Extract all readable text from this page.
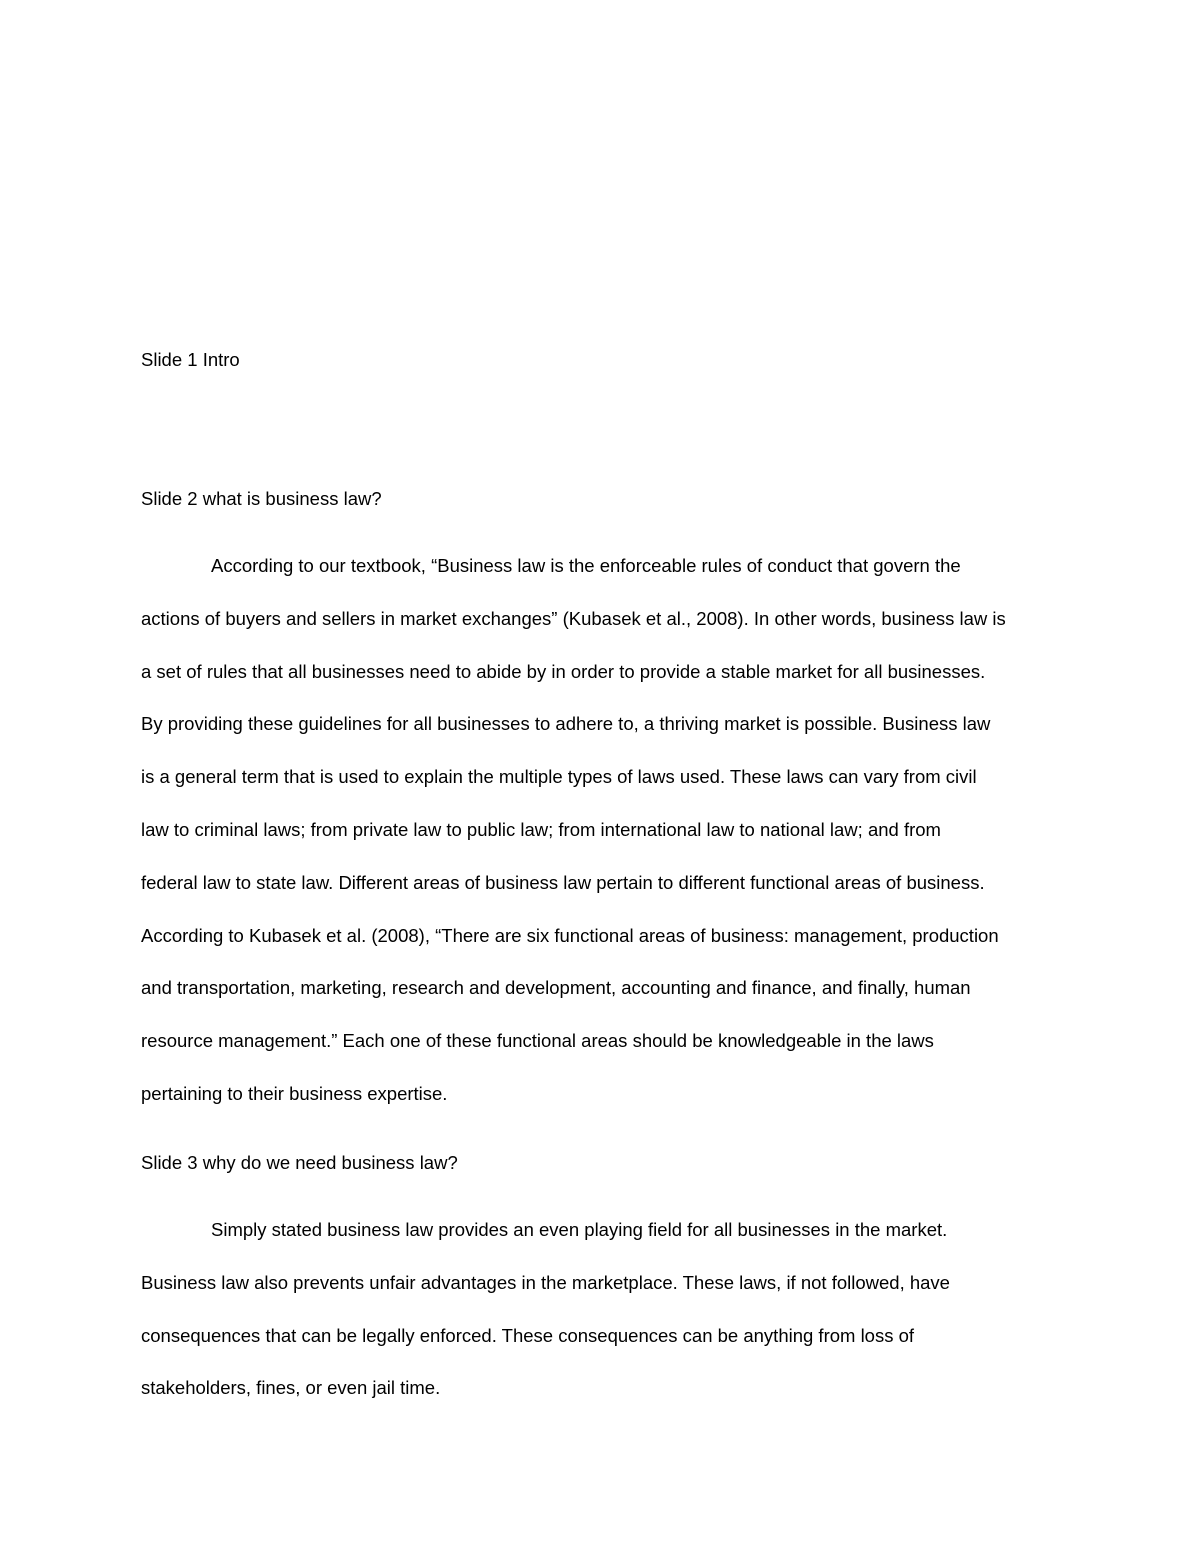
Slide 1 Intro
Slide 2 what is business law?
According to our textbook, “Business law is the enforceable rules of conduct that govern the
actions of buyers and sellers in market exchanges” (Kubasek et al., 2008). In other words, business law is
a set of rules that all businesses need to abide by in order to provide a stable market for all businesses.
By providing these guidelines for all businesses to adhere to, a thriving market is possible. Business law
is a general term that is used to explain the multiple types of laws used. These laws can vary from civil
law to criminal laws; from private law to public law; from international law to national law; and from
federal law to state law. Different areas of business law pertain to different functional areas of business.
According to Kubasek et al. (2008), “There are six functional areas of business: management, production
and transportation, marketing, research and development, accounting and finance, and finally, human
resource management.” Each one of these functional areas should be knowledgeable in the laws
pertaining to their business expertise.
Slide 3 why do we need business law?
Simply stated business law provides an even playing field for all businesses in the market.
Business law also prevents unfair advantages in the marketplace. These laws, if not followed, have
consequences that can be legally enforced. These consequences can be anything from loss of
stakeholders, fines, or even jail time.
